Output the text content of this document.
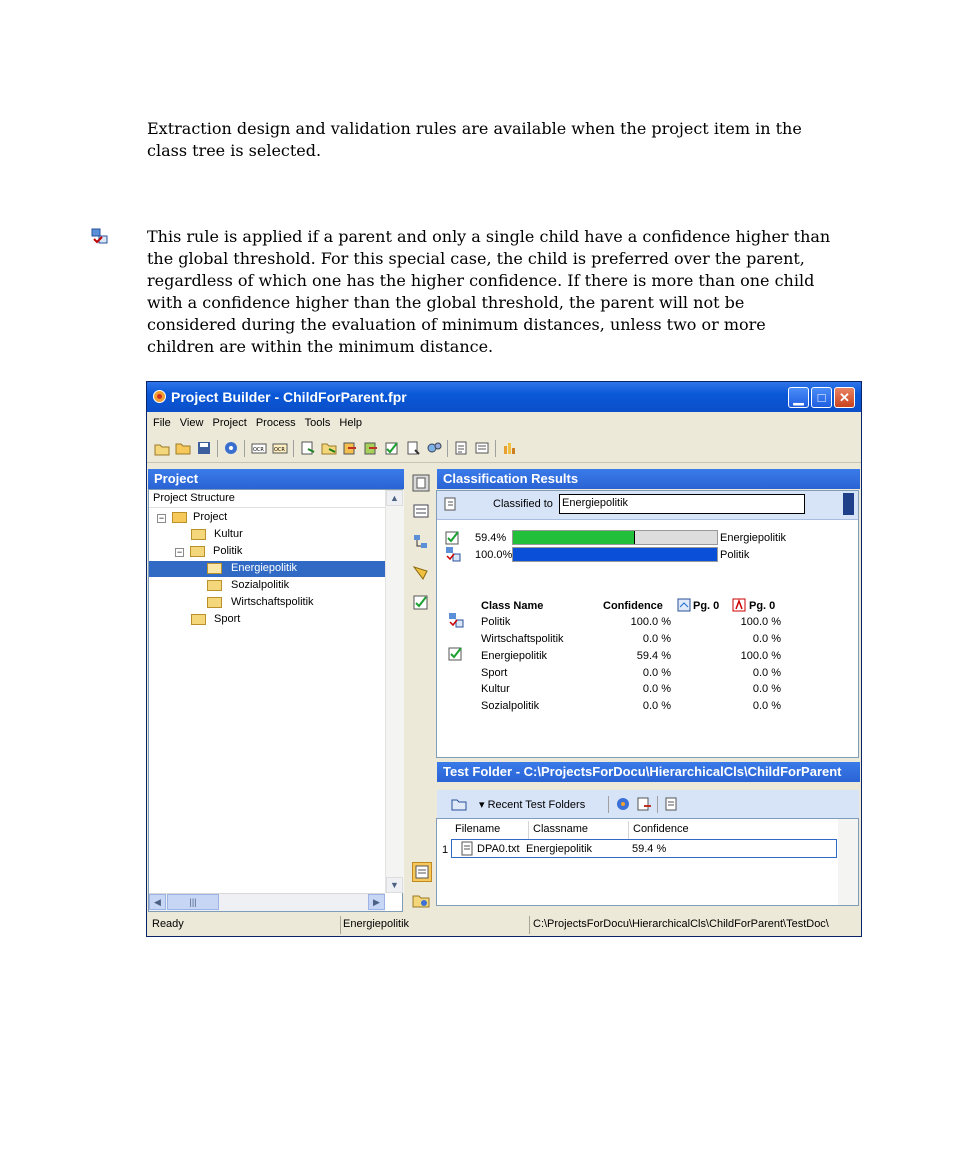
Extraction design and validation rules are available when the project item in the class tree is selected.

This rule is applied if a parent and only a single child have a confidence higher than the global threshold. For this special case, the child is preferred over the parent, regardless of which one has the higher confidence. If there is more than one child with a confidence higher than the global threshold, the parent will not be considered during the evaluation of minimum distances, unless two or more children are within the minimum distance.

Project Builder - ChildForParent.fpr	▁	□	✕
File View Project Process Tools Help
OCR OCR
Project
Project Structure
−	Project
Kultur
−	Politik
Energiepolitik
Sozialpolitik
Wirtschaftspolitik
Sport
▲
▼
◀	|||	▶
Classification Results
Classified to Energiepolitik
59.4%	Energiepolitik
100.0%	Politik
Class Name	Confidence	Pg. 0	Pg. 0
Politik	100.0 %	100.0 %
Wirtschaftspolitik	0.0 %	0.0 %
Energiepolitik	59.4 %	100.0 %
Sport	0.0 %	0.0 %
Kultur	0.0 %	0.0 %
Sozialpolitik	0.0 %	0.0 %
Test Folder - C:\ProjectsForDocu\HierarchicalCls\ChildForParent
▾ Recent Test Folders
Filename	Classname	Confidence
1	DPA0.txt Energiepolitik	59.4 %
Ready	Energiepolitik	C:\ProjectsForDocu\HierarchicalCls\ChildForParent\TestDoc\
